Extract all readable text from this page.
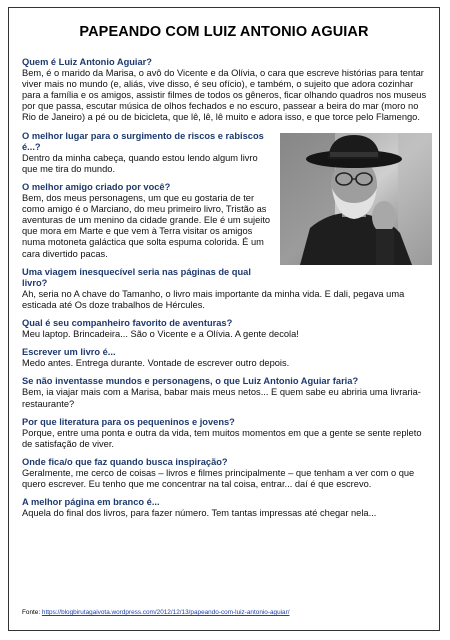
PAPEANDO COM LUIZ ANTONIO AGUIAR
Quem é Luiz Antonio Aguiar?
Bem, é o marido da Marisa, o avô do Vicente e da Olívia, o cara que escreve histórias para tentar viver mais no mundo (e, aliás, vive disso, é seu ofício), e também, o sujeito que adora cozinhar para a família e os amigos, assistir filmes de todos os gêneros, ficar olhando quadros nos museus por que passa, escutar música de olhos fechados e no escuro, passear a beira do mar (moro no Rio de Janeiro) a pé ou de bicicleta, que lê, lê, lê muito e adora isso, e que torce pelo Flamengo.
O melhor lugar para o surgimento de riscos e rabiscos é...?
Dentro da minha cabeça, quando estou lendo algum livro que me tira do mundo.
O melhor amigo criado por você?
Bem, dos meus personagens, um que eu gostaria de ter como amigo é o Marciano, do meu primeiro livro, Tristão as aventuras de um menino da cidade grande. Ele é um sujeito que mora em Marte e que vem à Terra visitar os amigos numa motoneta galáctica que solta espuma colorida. É um cara divertido pacas.
Uma viagem inesquecível seria nas páginas de qual livro?
Ah, seria no A chave do Tamanho, o livro mais importante da minha vida. E dali, pegava uma esticada até Os doze trabalhos de Hércules.
Qual é seu companheiro favorito de aventuras?
Meu laptop. Brincadeira... São o Vicente e a Olívia. A gente decola!
Escrever um livro é...
Medo antes. Entrega durante. Vontade de escrever outro depois.
Se não inventasse mundos e personagens, o que Luiz Antonio Aguiar faria?
Bem, ia viajar mais com a Marisa, babar mais meus netos... E quem sabe eu abriria uma livraria-restaurante?
Por que literatura para os pequeninos e jovens?
Porque, entre uma ponta e outra da vida, tem muitos momentos em que a gente se sente repleto de satisfação de viver.
Onde fica/o que faz quando busca inspiração?
Geralmente, me cerco de coisas – livros e filmes principalmente – que tenham a ver com o que quero escrever. Eu tenho que me concentrar na tal coisa, entrar... daí é que escrevo.
A melhor página em branco é...
Aquela do final dos livros, para fazer número. Tem tantas impressas até chegar nela...
Fonte: https://blogbirutagaivota.wordpress.com/2012/12/13/papeando-com-luiz-antonio-aguiar/
